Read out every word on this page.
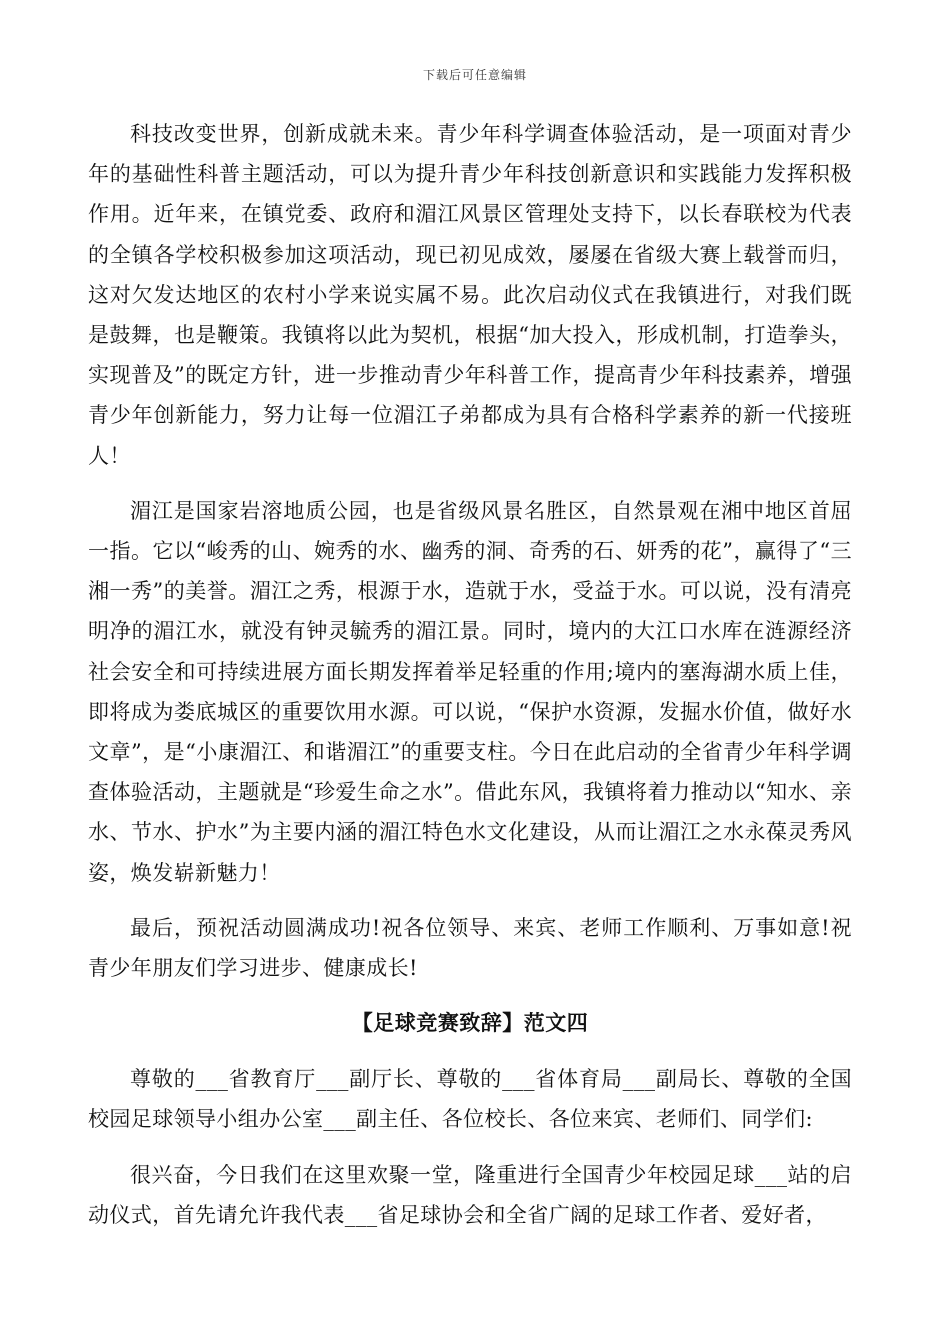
下载后可任意编辑

科技改变世界，创新成就未来。青少年科学调查体验活动，是一项面对青少年的基础性科普主题活动，可以为提升青少年科技创新意识和实践能力发挥积极作用。近年来，在镇党委、政府和湄江风景区管理处支持下，以长春联校为代表的全镇各学校积极参加这项活动，现已初见成效，屡屡在省级大赛上载誉而归，这对欠发达地区的农村小学来说实属不易。此次启动仪式在我镇进行，对我们既是鼓舞，也是鞭策。我镇将以此为契机，根据“加大投入，形成机制，打造拳头，实现普及”的既定方针，进一步推动青少年科普工作，提高青少年科技素养，增强青少年创新能力，努力让每一位湄江子弟都成为具有合格科学素养的新一代接班人！

湄江是国家岩溶地质公园，也是省级风景名胜区，自然景观在湘中地区首屈一指。它以“峻秀的山、婉秀的水、幽秀的洞、奇秀的石、妍秀的花”，赢得了“三湘一秀”的美誉。湄江之秀，根源于水，造就于水，受益于水。可以说，没有清亮明净的湄江水，就没有钟灵毓秀的湄江景。同时，境内的大江口水库在涟源经济社会安全和可持续进展方面长期发挥着举足轻重的作用;境内的塞海湖水质上佳，即将成为娄底城区的重要饮用水源。可以说，“保护水资源，发掘水价值，做好水文章”，是“小康湄江、和谐湄江”的重要支柱。今日在此启动的全省青少年科学调查体验活动，主题就是“珍爱生命之水”。借此东风，我镇将着力推动以“知水、亲水、节水、护水”为主要内涵的湄江特色水文化建设，从而让湄江之水永葆灵秀风姿，焕发崭新魅力！

最后，预祝活动圆满成功!祝各位领导、来宾、老师工作顺利、万事如意!祝青少年朋友们学习进步、健康成长!

【足球竞赛致辞】范文四

尊敬的___省教育厅___副厅长、尊敬的___省体育局___副局长、尊敬的全国校园足球领导小组办公室___副主任、各位校长、各位来宾、老师们、同学们:

很兴奋，今日我们在这里欢聚一堂，隆重进行全国青少年校园足球___站的启动仪式，首先请允许我代表___省足球协会和全省广阔的足球工作者、爱好者，
